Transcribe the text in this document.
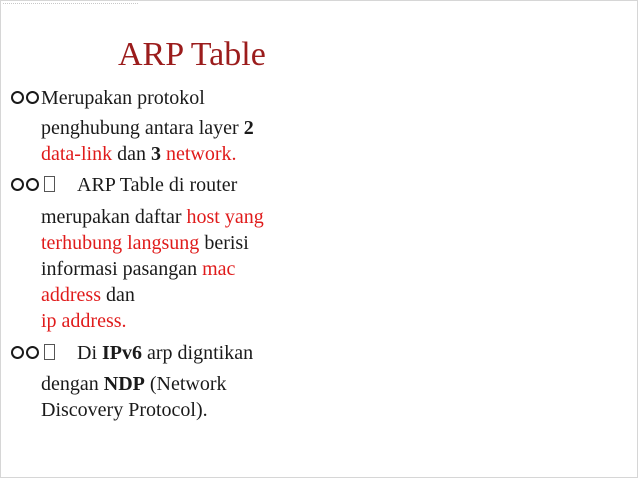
ARP Table
Merupakan protokol
penghubung antara layer 2
data-link dan 3 network.
ARP Table di router
merupakan daftar host yang
terhubung langsung berisi
informasi pasangan mac
address dan
ip address.
Di IPv6 arp digntikan
dengan NDP (Network
Discovery Protocol).
